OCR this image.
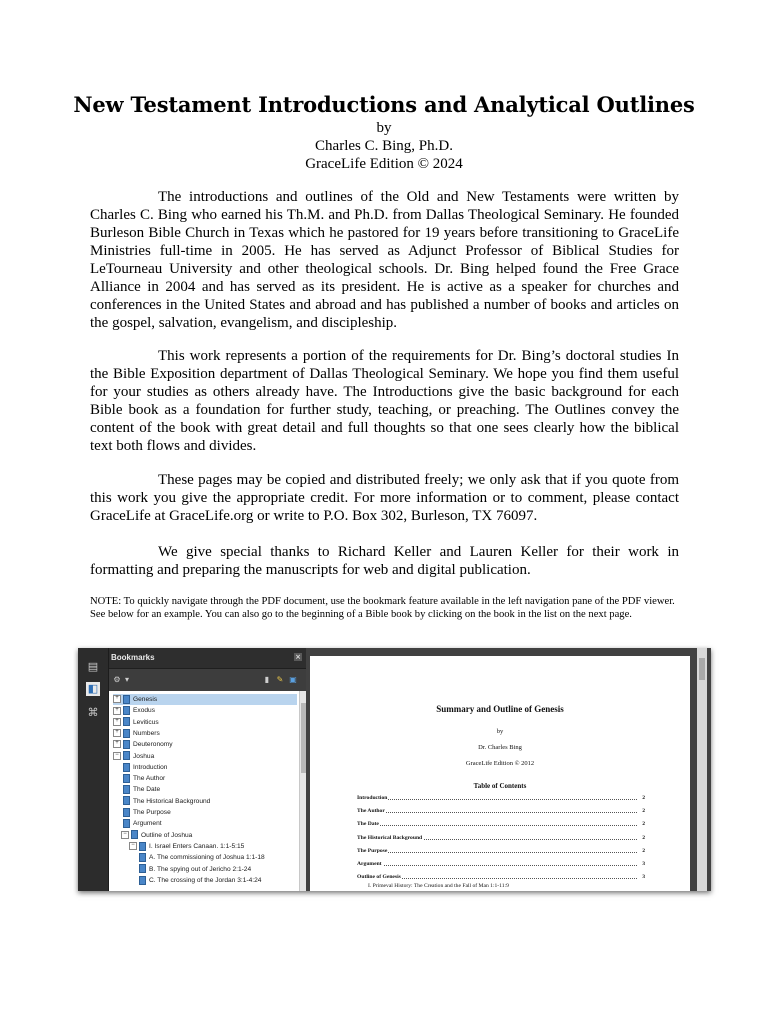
New Testament Introductions and Analytical Outlines
by
Charles C. Bing, Ph.D.
GraceLife Edition © 2024

The introductions and outlines of the Old and New Testaments were written by Charles C. Bing who earned his Th.M. and Ph.D. from Dallas Theological Seminary. He founded Burleson Bible Church in Texas which he pastored for 19 years before transitioning to GraceLife Ministries full-time in 2005. He has served as Adjunct Professor of Biblical Studies for LeTourneau University and other theological schools. Dr. Bing helped found the Free Grace Alliance in 2004 and has served as its president. He is active as a speaker for churches and conferences in the United States and abroad and has published a number of books and articles on the gospel, salvation, evangelism, and discipleship.

This work represents a portion of the requirements for Dr. Bing’s doctoral studies In the Bible Exposition department of Dallas Theological Seminary. We hope you find them useful for your studies as others already have. The Introductions give the basic background for each Bible book as a foundation for further study, teaching, or preaching. The Outlines convey the content of the book with great detail and full thoughts so that one sees clearly how the biblical text both flows and divides.

These pages may be copied and distributed freely; we only ask that if you quote from this work you give the appropriate credit. For more information or to comment, please contact GraceLife at GraceLife.org or write to P.O. Box 302, Burleson, TX 76097.

We give special thanks to Richard Keller and Lauren Keller for their work in formatting and preparing the manuscripts for web and digital publication.

NOTE: To quickly navigate through the PDF document, use the bookmark feature available in the left navigation pane of the PDF viewer. See below for an example. You can also go to the beginning of a Bible book by clicking on the book in the list on the next page.

▤
◧
⌘
Bookmarks	×
⚙ ▾	▮ ✎ ▣
+ Genesis
+ Exodus
+ Leviticus
+ Numbers
+ Deuteronomy
− Joshua
Introduction
The Author
The Date
The Historical Background
The Purpose
Argument
− Outline of Joshua
− I. Israel Enters Canaan. 1:1-5:15
A. The commissioning of Joshua 1:1-18
B. The spying out of Jericho 2:1-24
C. The crossing of the Jordan 3:1-4:24
Summary and Outline of Genesis
by
Dr. Charles Bing
GraceLife Edition © 2012
Table of Contents
Introduction	2
The Author	2
The Date	2
The Historical Background	2
The Purpose	2
Argument	3
Outline of Genesis	3
I. Primeval History: The Creation and the Fall of Man 1:1-11:9
